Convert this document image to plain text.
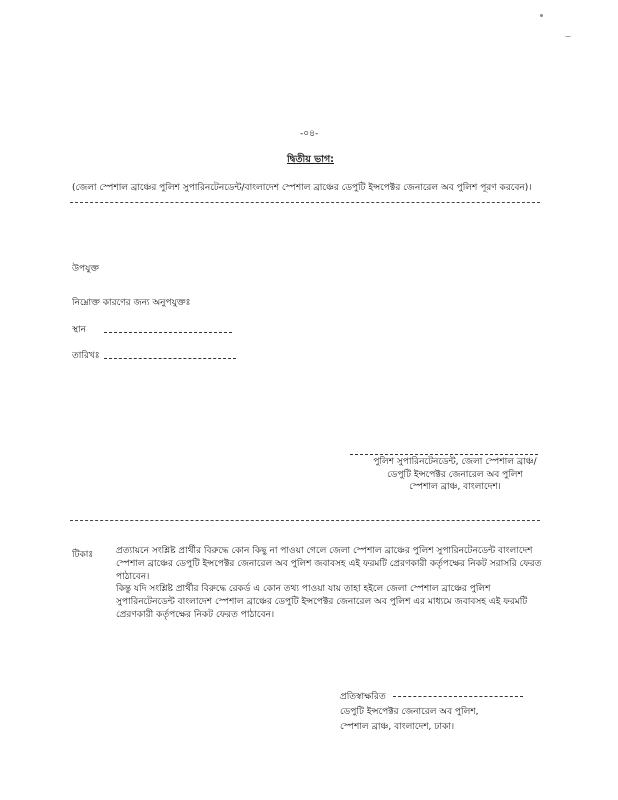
-০৪-
দ্বিতীয় ভাগ:
(জেলা স্পেশাল ব্রাঞ্চের পুলিশ সুপারিনটেনডেন্ট/বাংলাদেশ স্পেশাল ব্রাঞ্চের ডেপুটি ইন্সপেক্টর জেনারেল অব পুলিশ পূরণ করবেন)।
উপযুক্ত
নিম্নোক্ত কারণের জন্য অনুপযুক্তঃ
স্থান
তারিখঃ
পুলিশ সুপারিনটেনডেন্ট, জেলা স্পেশাল ব্রাঞ্চ/
ডেপুটি ইন্সপেক্টর জেনারেল অব পুলিশ
স্পেশাল ব্রাঞ্চ, বাংলাদেশ।
টিকাঃ	প্রত্যায়নে সংশ্লিষ্ট প্রার্থীর বিরুদ্ধে কোন কিছু না পাওয়া গেলে জেলা স্পেশাল ব্রাঞ্চের পুলিশ সুপারিনটেনডেন্ট বাংলাদেশ স্পেশাল ব্রাঞ্চের ডেপুটি ইন্সপেক্টর জেনারেল অব পুলিশ জবাবসহ এই ফরমটি প্রেরণকারী কর্তৃপক্ষের নিকট সরাসরি ফেরত পাঠাবেন।
কিন্তু যদি সংশ্লিষ্ট প্রার্থীর বিরুদ্ধে রেকর্ড এ কোন তথ্য পাওয়া যায় তাহা হইলে জেলা স্পেশাল ব্রাঞ্চের পুলিশ সুপারিনটেনডেন্ট বাংলাদেশ স্পেশাল ব্রাঞ্চের ডেপুটি ইন্সপেক্টর জেনারেল অব পুলিশ এর মাধ্যমে জবাবসহ এই ফরমটি প্রেরণকারী কর্তৃপক্ষের নিকট ফেরত পাঠাবেন।
প্রতিস্বাক্ষরিত
ডেপুটি ইন্সপেক্টর জেনারেল অব পুলিশ,
স্পেশাল ব্রাঞ্চ, বাংলাদেশ, ঢাকা।
